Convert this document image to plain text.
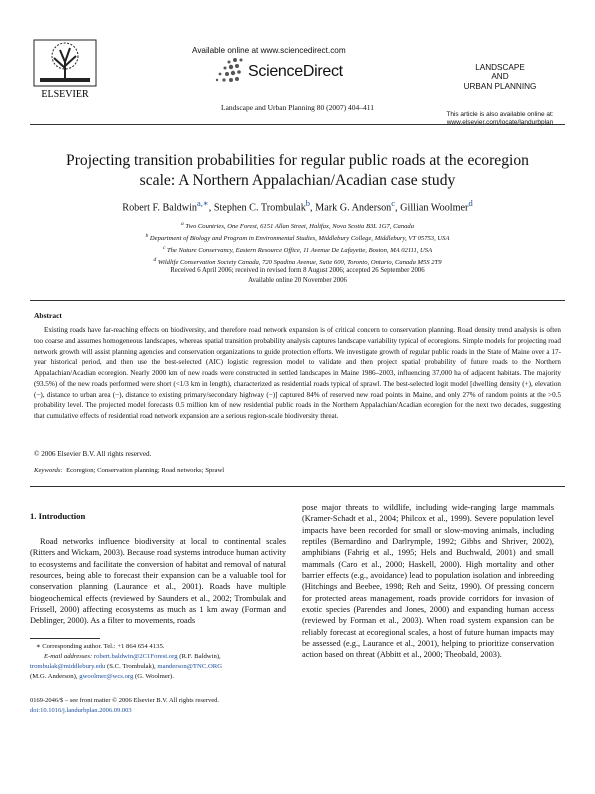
ELSEVIER
Available online at www.sciencedirect.com
ScienceDirect
Landscape and Urban Planning 80 (2007) 404–411
LANDSCAPE
AND
URBAN PLANNING
This article is also available online at:
www.elsevier.com/locate/landurbplan
Projecting transition probabilities for regular public roads at the ecoregion scale: A Northern Appalachian/Acadian case study
Robert F. Baldwin$^{a,∗}$, Stephen C. Trombulak$^b$, Mark G. Anderson$^c$, Gillian Woolmer$^d$
$^a$ Two Countries, One Forest, 6151 Allan Street, Halifax, Nova Scotia B3L 1G7, Canada
$^b$ Department of Biology and Program in Environmental Studies, Middlebury College, Middlebury, VT 05753, USA
$^c$ The Nature Conservancy, Eastern Resource Office, 11 Avenue De Lafayette, Boston, MA 02111, USA
$^d$ Wildlife Conservation Society Canada, 720 Spadina Avenue, Suite 600, Toronto, Ontario, Canada M5S 2T9
Received 6 April 2006; received in revised form 8 August 2006; accepted 26 September 2006
Available online 20 November 2006
Abstract

Existing roads have far-reaching effects on biodiversity, and therefore road network expansion is of critical concern to conservation planning. Road density trend analysis is often too coarse and assumes homogeneous landscapes, whereas spatial transition probability analysis captures landscape variability typical of ecoregions. Simple models for projecting road network growth will assist planning agencies and conservation organizations to guide protection efforts. We investigate growth of regular public roads in the State of Maine over a 17-year historical period, and then use the best-selected (AIC) logistic regression model to validate and then project spatial probability of future roads to the Northern Appalachian/Acadian ecoregion. Nearly 2000 km of new roads were constructed in settled landscapes in Maine 1986–2003, influencing 37,000 ha of adjacent habitats. The majority (93.5%) of the new roads performed were short (<1/3 km in length), characterized as residential roads typical of sprawl. The best-selected logit model [dwelling density (+), elevation (−), distance to urban area (−), distance to existing primary/secondary highway (−)] captured 84% of reserved new road points in Maine, and only 27% of random points at the >0.5 probability level. The projected model forecasts 0.5 million km of new residential public roads in the Northern Appalachian/Acadian ecoregion for the next two decades, suggesting that cumulative effects of residential road network expansion are a serious region-scale biodiversity threat.

© 2006 Elsevier B.V. All rights reserved.
Keywords: Ecoregion; Conservation planning; Road networks; Sprawl
1. Introduction

Road networks influence biodiversity at local to continental scales (Ritters and Wickam, 2003). Because road systems introduce human activity to ecosystems and facilitate the conversion of habitat and removal of natural resources, being able to forecast their expansion can be a valuable tool for conservation planning (Laurance et al., 2001). Roads have multiple biogeochemical effects (reviewed by Saunders et al., 2002; Trombulak and Frissell, 2000) affecting ecosystems as much as 1 km away (Forman and Deblinger, 2000). As a filter to movements, roads

pose major threats to wildlife, including wide-ranging large mammals (Kramer-Schadt et al., 2004; Philcox et al., 1999). Severe population level impacts have been recorded for small or slow-moving animals, including reptiles (Bernardino and Darlrymple, 1992; Gibbs and Shriver, 2002), amphibians (Fahrig et al., 1995; Hels and Buchwald, 2001) and small mammals (Caro et al., 2000; Haskell, 2000). High mortality and other barrier effects (e.g., avoidance) lead to population isolation and inbreeding (Hitchings and Beebee, 1998; Reh and Seitz, 1990). Of pressing concern for protected areas management, roads provide corridors for invasion of exotic species (Parendes and Jones, 2000) and expanding human access (reviewed by Forman et al., 2003). When road system expansion can be reliably forecast at ecoregional scales, a host of future human impacts may be assessed (e.g., Laurance et al., 2001), helping to prioritize conservation action based on threat (Abbitt et al., 2000; Theobald, 2003).

∗ Corresponding author. Tel.: +1 864 654 4135.
E-mail addresses: robert.baldwin@2C1Forest.org (R.F. Baldwin),
trombulak@middlebury.edu (S.C. Trombulak), manderson@TNC.ORG
(M.G. Anderson), gwoolmer@wcs.org (G. Woolmer).
0169-2046/$ – see front matter © 2006 Elsevier B.V. All rights reserved.
doi:10.1016/j.landurbplan.2006.09.003
